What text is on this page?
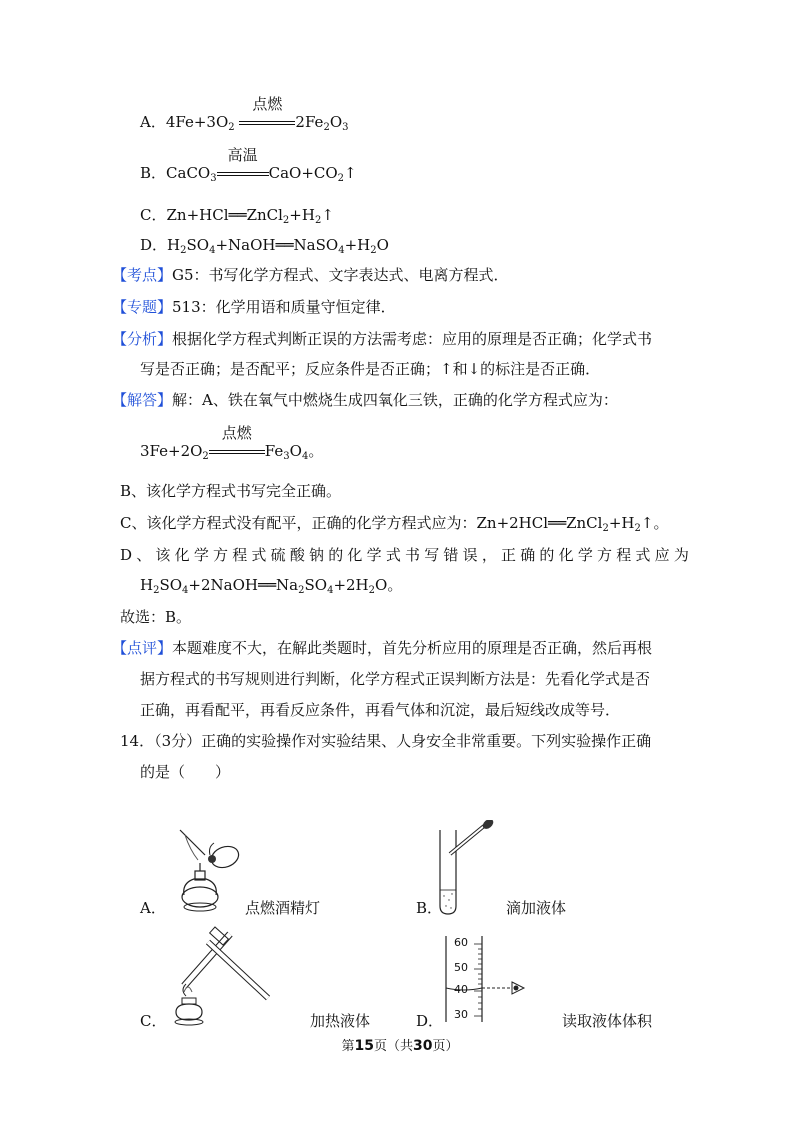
A．$4Fe+3O_2$
点燃
$2Fe_2O_3$
B．CaCO$_3$
高温
$CaO+CO_2↑$
C．$Zn+HCl══ZnCl_2+H_2↑$
D．$H_2SO_4+NaOH══NaSO_4+H_2O$
【考点】G5：书写化学方程式、文字表达式、电离方程式．
【专题】513：化学用语和质量守恒定律．
【分析】根据化学方程式判断正误的方法需考虑：应用的原理是否正确；化学式书
写是否正确；是否配平；反应条件是否正确；↑和↓的标注是否正确．
【解答】解：A、铁在氧气中燃烧生成四氧化三铁，正确的化学方程式应为：
$3Fe+2O_2$
点燃
$Fe_3O_4$。
B、该化学方程式书写完全正确。
C、该化学方程式没有配平，正确的化学方程式应为：$Zn+2HCl══ZnCl_2+H_2↑$。
D、该化学方程式硫酸钠的化学式书写错误，正确的化学方程式应为
$H_2SO_4+2NaOH══Na_2SO_4+2H_2O$。
故选：B。
【点评】本题难度不大，在解此类题时，首先分析应用的原理是否正确，然后再根
据方程式的书写规则进行判断，化学方程式正误判断方法是：先看化学式是否
正确，再看配平，再看反应条件，再看气体和沉淀，最后短线改成等号．
14．（3分）正确的实验操作对实验结果、人身安全非常重要。下列实验操作正确
的是（　　）
A．	点燃酒精灯	B．	滴加液体
C．	加热液体
60
50
40
30
D．	读取液体体积
第15页（共30页）
